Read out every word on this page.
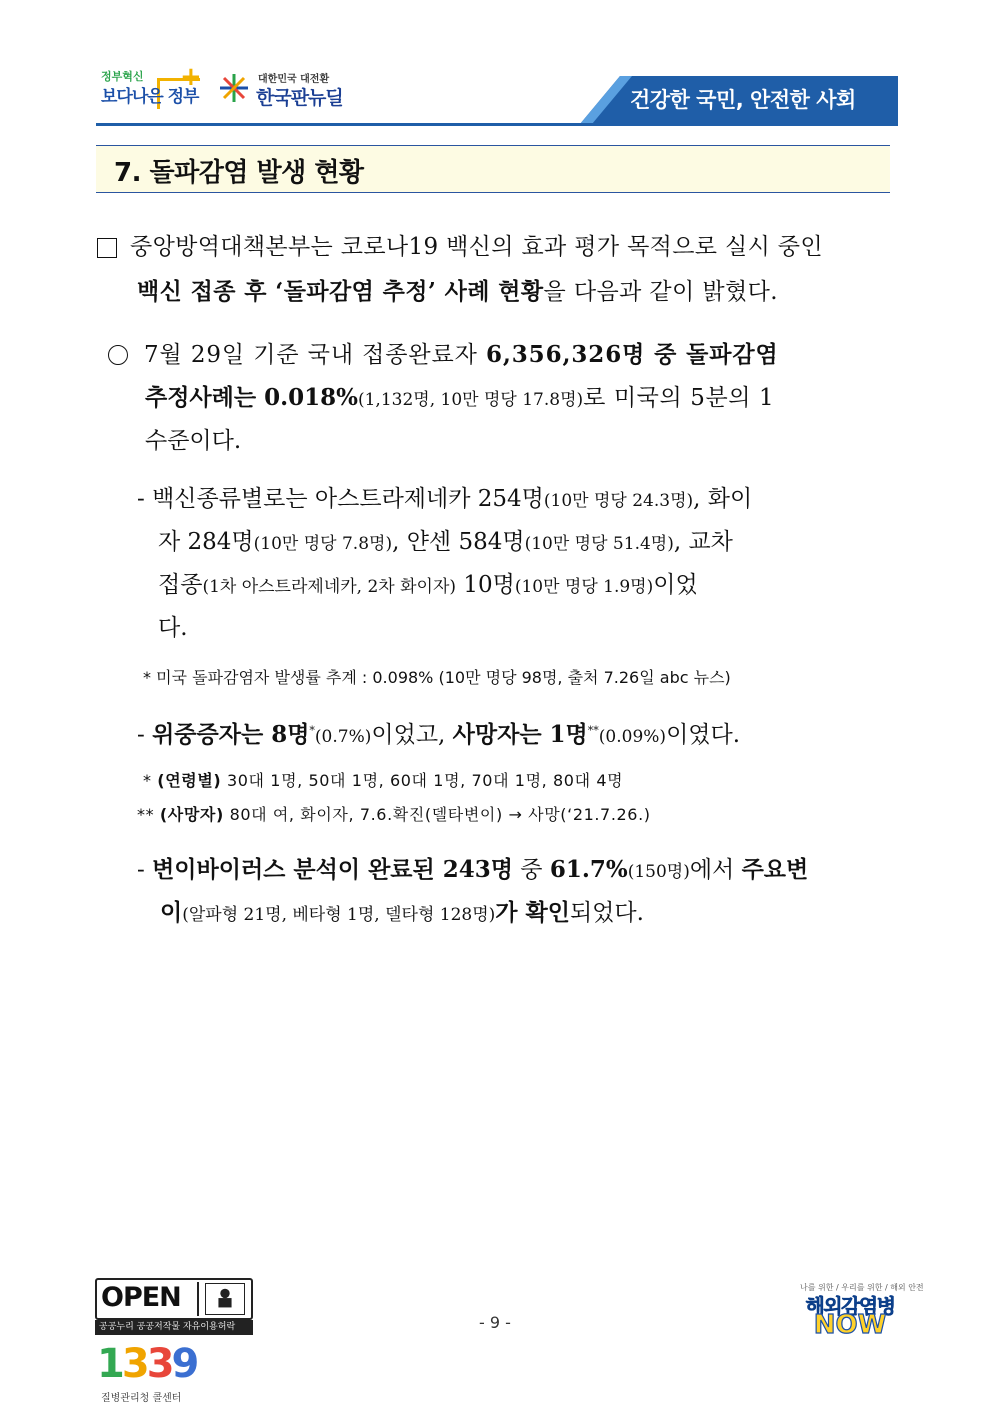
정부혁신 +
보다나은 정부
대한민국 대전환
한국판뉴딜	건강한 국민, 안전한 사회
7. 돌파감염 발생 현황
중앙방역대책본부는 코로나19 백신의 효과 평가 목적으로 실시 중인
백신 접종 후 ‘돌파감염 추정’ 사례 현황을 다음과 같이 밝혔다.
7월 29일 기준 국내 접종완료자 6,356,326명 중 돌파감염
추정사례는 0.018%(1,132명, 10만 명당 17.8명)로 미국의 5분의 1
수준이다.
- 백신종류별로는 아스트라제네카 254명(10만 명당 24.3명), 화이
자 284명(10만 명당 7.8명), 얀센 584명(10만 명당 51.4명), 교차
접종(1차 아스트라제네카, 2차 화이자) 10명(10만 명당 1.9명)이었
다.
* 미국 돌파감염자 발생률 추계 : 0.098% (10만 명당 98명, 출처 7.26일 abc 뉴스)
- 위중증자는 8명*(0.7%)이었고, 사망자는 1명**(0.09%)이였다.
* (연령별) 30대 1명, 50대 1명, 60대 1명, 70대 1명, 80대 4명
** (사망자) 80대 여, 화이자, 7.6.확진(델타변이) → 사망(‘21.7.26.)
- 변이바이러스 분석이 완료된 243명 중 61.7%(150명)에서 주요변
이(알파형 21명, 베타형 1명, 델타형 128명)가 확인되었다.
OPEN
공공누리 공공저작물 자유이용허락	- 9 -
1339
질병관리청 콜센터
나를 위한 / 우리를 위한 / 해외 안전
해외감염병
NOW
